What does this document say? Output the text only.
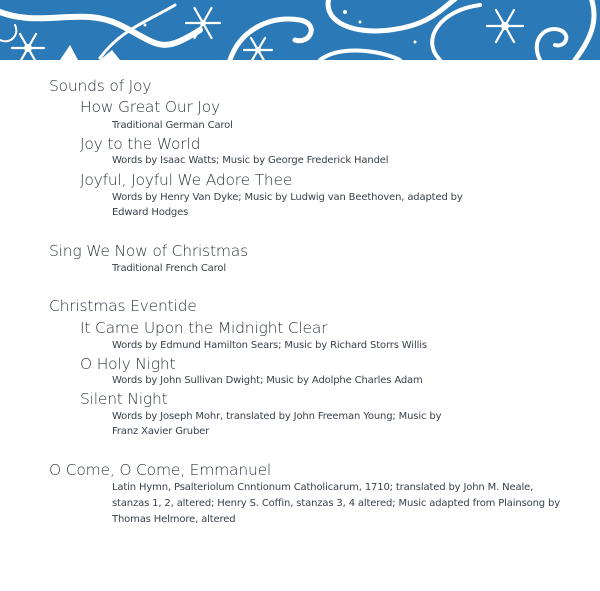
Sounds of Joy
How Great Our Joy
Traditional German Carol
Joy to the World
Words by Isaac Watts; Music by George Frederick Handel
Joyful, Joyful We Adore Thee
Words by Henry Van Dyke; Music by Ludwig van Beethoven, adapted by
Edward Hodges
Sing We Now of Christmas
Traditional French Carol
Christmas Eventide
It Came Upon the Midnight Clear
Words by Edmund Hamilton Sears; Music by Richard Storrs Willis
O Holy Night
Words by John Sullivan Dwight; Music by Adolphe Charles Adam
Silent Night
Words by Joseph Mohr, translated by John Freeman Young; Music by
Franz Xavier Gruber
O Come, O Come, Emmanuel
Latin Hymn, Psalteriolum Cnntionum Catholicarum, 1710; translated by John M. Neale,
stanzas 1, 2, altered; Henry S. Coffin, stanzas 3, 4 altered; Music adapted from Plainsong by
Thomas Helmore, altered
